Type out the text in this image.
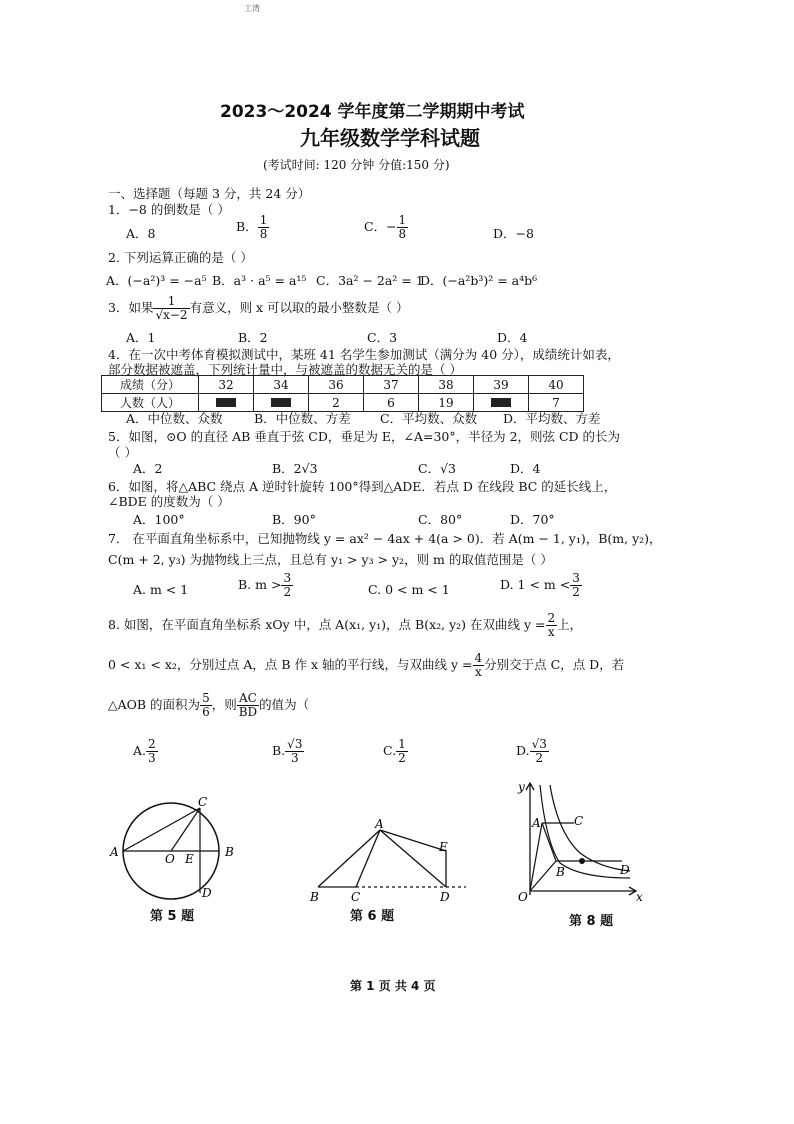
工湾
2023～2024 学年度第二学期期中考试
九年级数学学科试题
(考试时间: 120 分钟 分值:150 分)
一、选择题（每题 3 分，共 24 分）
1．−8 的倒数是（ ）
A．8	B． $\frac{1}{8}$	C．− $\frac{1}{8}$	D．−8
2. 下列运算正确的是（ ）
A．(−a²)³ = −a⁵ B．a³ · a⁵ = a¹⁵ C．3a² − 2a² = 1
D．(−a²b³)² = a⁴b⁶
3．如果 $\frac{1}{√x-2}$ 有意义，则 x 可以取的最小整数是（ ）
A．1	B．2	C．3	D．4
4．在一次中考体育模拟测试中，某班 41 名学生参加测试（满分为 40 分），成绩统计如表，
部分数据被遮盖，下列统计量中，与被遮盖的数据无关的是（ ）
成绩（分）	32	34	36	37	38	39	40
人数（人）			2	6	19		7
A．中位数、众数	B．中位数、方差 C．平均数、众数 D．平均数、方差
5．如图，⊙O 的直径 AB 垂直于弦 CD，垂足为 E，∠A=30°，半径为 2，则弦 CD 的长为
（ ）
A．2	B．2√3	C．√3	D．4
6．如图，将△ABC 绕点 A 逆时针旋转 100°得到△ADE．若点 D 在线段 BC 的延长线上，
∠BDE 的度数为（ ）
A．100°	B．90°	C．80°	D．70°
7． 在平面直角坐标系中，已知抛物线 y = ax² − 4ax + 4(a > 0)．若 A(m − 1, y₁)，B(m, y₂)，
C(m + 2, y₃) 为抛物线上三点，且总有 y₁ > y₃ > y₂，则 m 的取值范围是（ ）
A. m < 1	B. $m > \frac{3}{2}$	C. 0 < m < 1	D. $1 < m < \frac{3}{2}$
8. 如图，在平面直角坐标系 xOy 中，点 A(x₁, y₁)，点 B(x₂, y₂) 在双曲线 $y = \frac{2}{x}$ 上，
0 < x₁ < x₂，分别过点 A，点 B 作 x 轴的平行线，与双曲线 $y = \frac{4}{x}$ 分别交于点 C，点 D，若
△AOB 的面积为 $\frac{5}{6}$ ，则 $\frac{AC}{BD}$ 的值为（
A. $\frac{2}{3}$	B. $\frac{√3}{3}$	C. $\frac{1}{2}$	D. $\frac{√3}{2}$
A	O E	B
C
D
第 5 题
A
E
B	C	D
第 6 题
y
A	C
B	D
O	x
第 8 题
第 1 页 共 4 页
